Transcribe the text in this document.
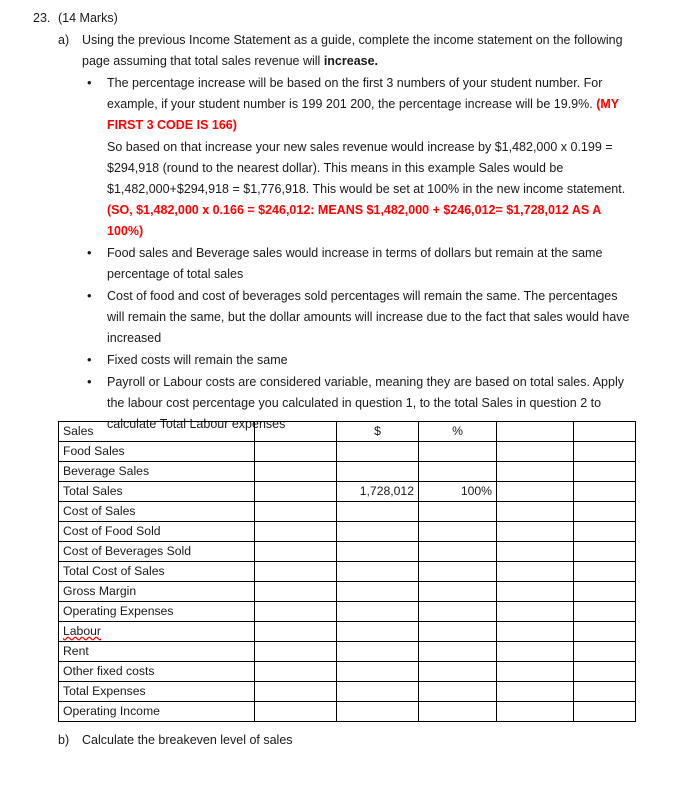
23. (14 Marks)
a)	Using the previous Income Statement as a guide, complete the income statement on the following page assuming that total sales revenue will increase.
• The percentage increase will be based on the first 3 numbers of your student number. For example, if your student number is 199 201 200, the percentage increase will be 19.9%. (MY FIRST 3 CODE IS 166)
So based on that increase your new sales revenue would increase by $1,482,000 x 0.199 = $294,918 (round to the nearest dollar). This means in this example Sales would be $1,482,000+$294,918 = $1,776,918. This would be set at 100% in the new income statement. (SO, $1,482,000 x 0.166 = $246,012: MEANS $1,482,000 + $246,012= $1,728,012 AS A 100%)
• Food sales and Beverage sales would increase in terms of dollars but remain at the same percentage of total sales
• Cost of food and cost of beverages sold percentages will remain the same. The percentages will remain the same, but the dollar amounts will increase due to the fact that sales would have increased
• Fixed costs will remain the same
• Payroll or Labour costs are considered variable, meaning they are based on total sales. Apply the labour cost percentage you calculated in question 1, to the total Sales in question 2 to calculate Total Labour expenses
Sales		$	%		
Food Sales					
Beverage Sales					
Total Sales		1,728,012	100%		
Cost of Sales					
Cost of Food Sold					
Cost of Beverages Sold					
Total Cost of Sales					
Gross Margin					
Operating Expenses					
Labour					
Rent					
Other fixed costs					
Total Expenses					
Operating Income					
b)	Calculate the breakeven level of sales
